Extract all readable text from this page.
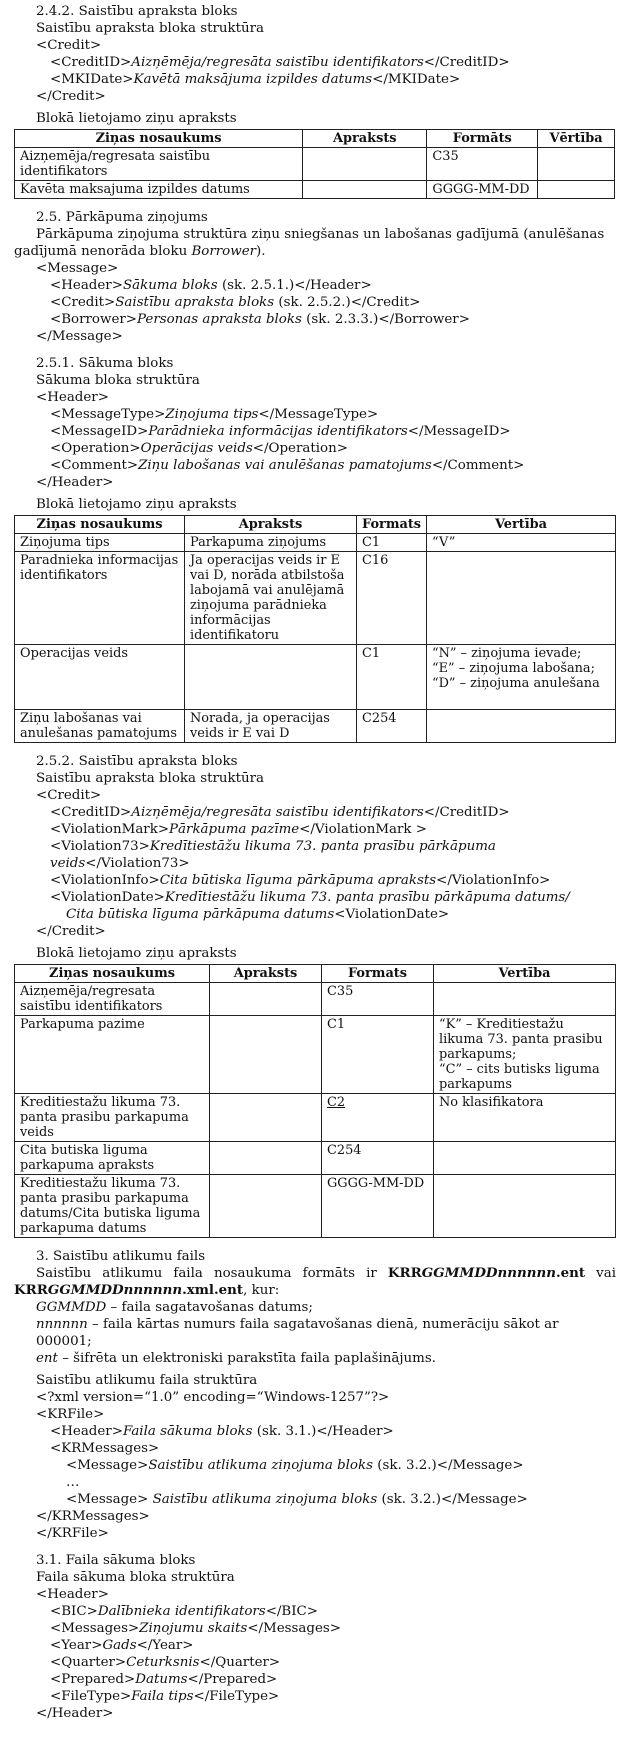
2.4.2. Saistību apraksta bloks
Saistību apraksta bloka struktūra
<Credit>
<CreditID>Aizņēmēja/regresāta saistību identifikators</CreditID>
<MKIDate>Kavētā maksājuma izpildes datums</MKIDate>
</Credit>
Blokā lietojamo ziņu apraksts
Ziņas nosaukums	Apraksts	Formāts	Vērtība
Aizņemēja/regresata saistību identifikators		C35	
Kavēta maksajuma izpildes datums		GGGG-MM-DD	
2.5. Pārkāpuma ziņojums
Pārkāpuma ziņojuma struktūra ziņu sniegšanas un labošanas gadījumā (anulēšanas
gadījumā nenorāda bloku Borrower).
<Message>
<Header>Sākuma bloks (sk. 2.5.1.)</Header>
<Credit>Saistību apraksta bloks (sk. 2.5.2.)</Credit>
<Borrower>Personas apraksta bloks (sk. 2.3.3.)</Borrower>
</Message>
2.5.1. Sākuma bloks
Sākuma bloka struktūra
<Header>
<MessageType>Ziņojuma tips</MessageType>
<MessageID>Parādnieka informācijas identifikators</MessageID>
<Operation>Operācijas veids</Operation>
<Comment>Ziņu labošanas vai anulēšanas pamatojums</Comment>
</Header>
Blokā lietojamo ziņu apraksts
Ziņas nosaukums	Apraksts	Formats	Vertība
Ziņojuma tips	Parkapuma ziņojums	C1	“V”

Paradnieka informacijas identifikators	Ja operacijas veids ir E vai D, norāda atbilstoša labojamā vai anulējamā ziņojuma parādnieka informācijas identifikatoru	C16	
Operacijas veids		C1	“N” – ziņojuma ievade;
“E” – ziņojuma labošana;
“D” – ziņojuma anulešana

Ziņu labošanas vai anulešanas pamatojums	Norada, ja operacijas veids ir E vai D	C254	
2.5.2. Saistību apraksta bloks
Saistību apraksta bloka struktūra
<Credit>
<CreditID>Aizņēmēja/regresāta saistību identifikators</CreditID>
<ViolationMark>Pārkāpuma pazīme</ViolationMark >
<Violation73>Kredītiestāžu likuma 73. panta prasību pārkāpuma veids</Violation73>
<ViolationInfo>Cita būtiska līguma pārkāpuma apraksts</ViolationInfo>
<ViolationDate>Kredītiestāžu likuma 73. panta prasību pārkāpuma datums/
Cita būtiska līguma pārkāpuma datums<ViolationDate>
</Credit>
Blokā lietojamo ziņu apraksts
Ziņas nosaukums	Apraksts	Formats	Vertība
Aizņemēja/regresata saistību identifikators		C35	
Parkapuma pazime		C1	“K” – Kreditiestažu likuma 73. panta prasibu parkapums;
“C” – cits butisks liguma parkapums

Kreditiestažu likuma 73. panta prasibu parkapuma veids		C2	No klasifikatora

Cita butiska liguma parkapuma apraksts		C254	
Kreditiestažu likuma 73. panta prasibu parkapuma datums/Cita butiska liguma parkapuma datums		GGGG-MM-DD	
3. Saistību atlikumu fails
Saistību atlikumu faila nosaukuma formāts ir KRRGGMMDDnnnnnn.ent vai
KRRGGMMDDnnnnnn.xml.ent, kur:
GGMMDD – faila sagatavošanas datums;
nnnnnn – faila kārtas numurs faila sagatavošanas dienā, numerāciju sākot ar 000001;
ent – šifrēta un elektroniski parakstīta faila paplašinājums.
Saistību atlikumu faila struktūra
<?xml version=“1.0” encoding=“Windows-1257”?>
<KRFile>
<Header>Faila sākuma bloks (sk. 3.1.)</Header>
<KRMessages>
<Message>Saistību atlikuma ziņojuma bloks (sk. 3.2.)</Message>
…
<Message> Saistību atlikuma ziņojuma bloks (sk. 3.2.)</Message>
</KRMessages>
</KRFile>
3.1. Faila sākuma bloks
Faila sākuma bloka struktūra
<Header>
<BIC>Dalībnieka identifikators</BIC>
<Messages>Ziņojumu skaits</Messages>
<Year>Gads</Year>
<Quarter>Ceturksnis</Quarter>
<Prepared>Datums</Prepared>
<FileType>Faila tips</FileType>
</Header>
